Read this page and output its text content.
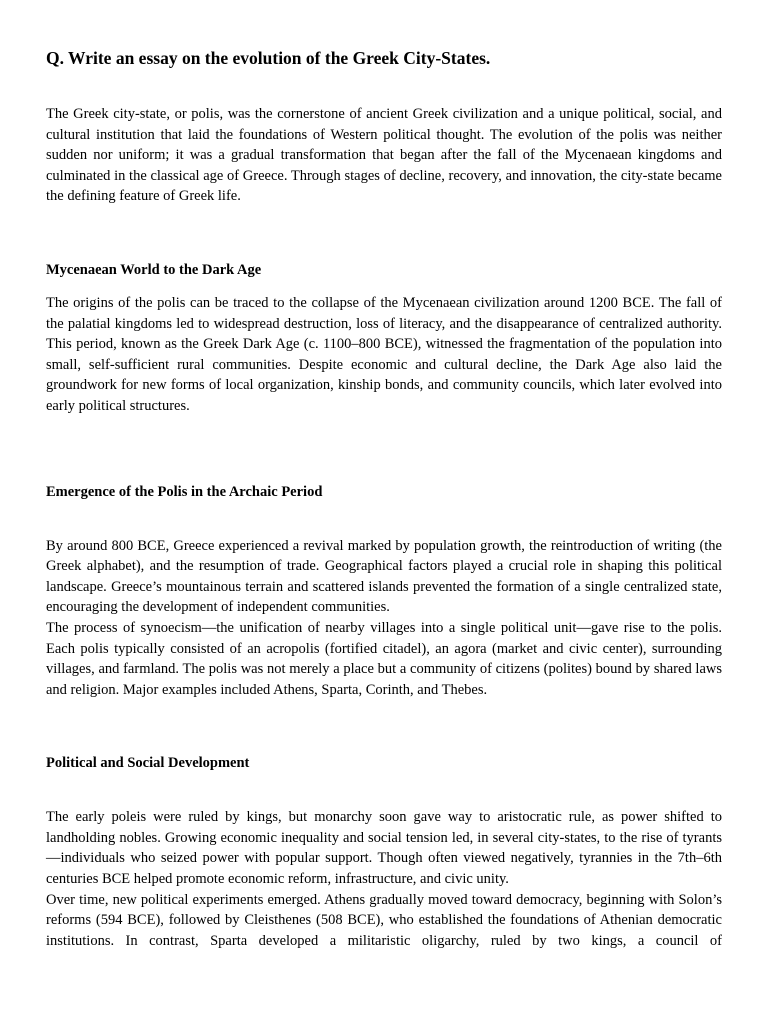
Q. Write an essay on the evolution of the Greek City-States.

The Greek city-state, or polis, was the cornerstone of ancient Greek civilization and a unique political, social, and cultural institution that laid the foundations of Western political thought. The evolution of the polis was neither sudden nor uniform; it was a gradual transformation that began after the fall of the Mycenaean kingdoms and culminated in the classical age of Greece. Through stages of decline, recovery, and innovation, the city-state became the defining feature of Greek life.

Mycenaean World to the Dark Age

The origins of the polis can be traced to the collapse of the Mycenaean civilization around 1200 BCE. The fall of the palatial kingdoms led to widespread destruction, loss of literacy, and the disappearance of centralized authority. This period, known as the Greek Dark Age (c. 1100–800 BCE), witnessed the fragmentation of the population into small, self-sufficient rural communities. Despite economic and cultural decline, the Dark Age also laid the groundwork for new forms of local organization, kinship bonds, and community councils, which later evolved into early political structures.

Emergence of the Polis in the Archaic Period

By around 800 BCE, Greece experienced a revival marked by population growth, the reintroduction of writing (the Greek alphabet), and the resumption of trade. Geographical factors played a crucial role in shaping this political landscape. Greece’s mountainous terrain and scattered islands prevented the formation of a single centralized state, encouraging the development of independent communities.
The process of synoecism—the unification of nearby villages into a single political unit—gave rise to the polis. Each polis typically consisted of an acropolis (fortified citadel), an agora (market and civic center), surrounding villages, and farmland. The polis was not merely a place but a community of citizens (polites) bound by shared laws and religion. Major examples included Athens, Sparta, Corinth, and Thebes.

Political and Social Development

The early poleis were ruled by kings, but monarchy soon gave way to aristocratic rule, as power shifted to landholding nobles. Growing economic inequality and social tension led, in several city-states, to the rise of tyrants—individuals who seized power with popular support. Though often viewed negatively, tyrannies in the 7th–6th centuries BCE helped promote economic reform, infrastructure, and civic unity.
Over time, new political experiments emerged. Athens gradually moved toward democracy, beginning with Solon’s reforms (594 BCE), followed by Cleisthenes (508 BCE), who established the foundations of Athenian democratic institutions. In contrast, Sparta developed a militaristic oligarchy, ruled by two kings, a council of
